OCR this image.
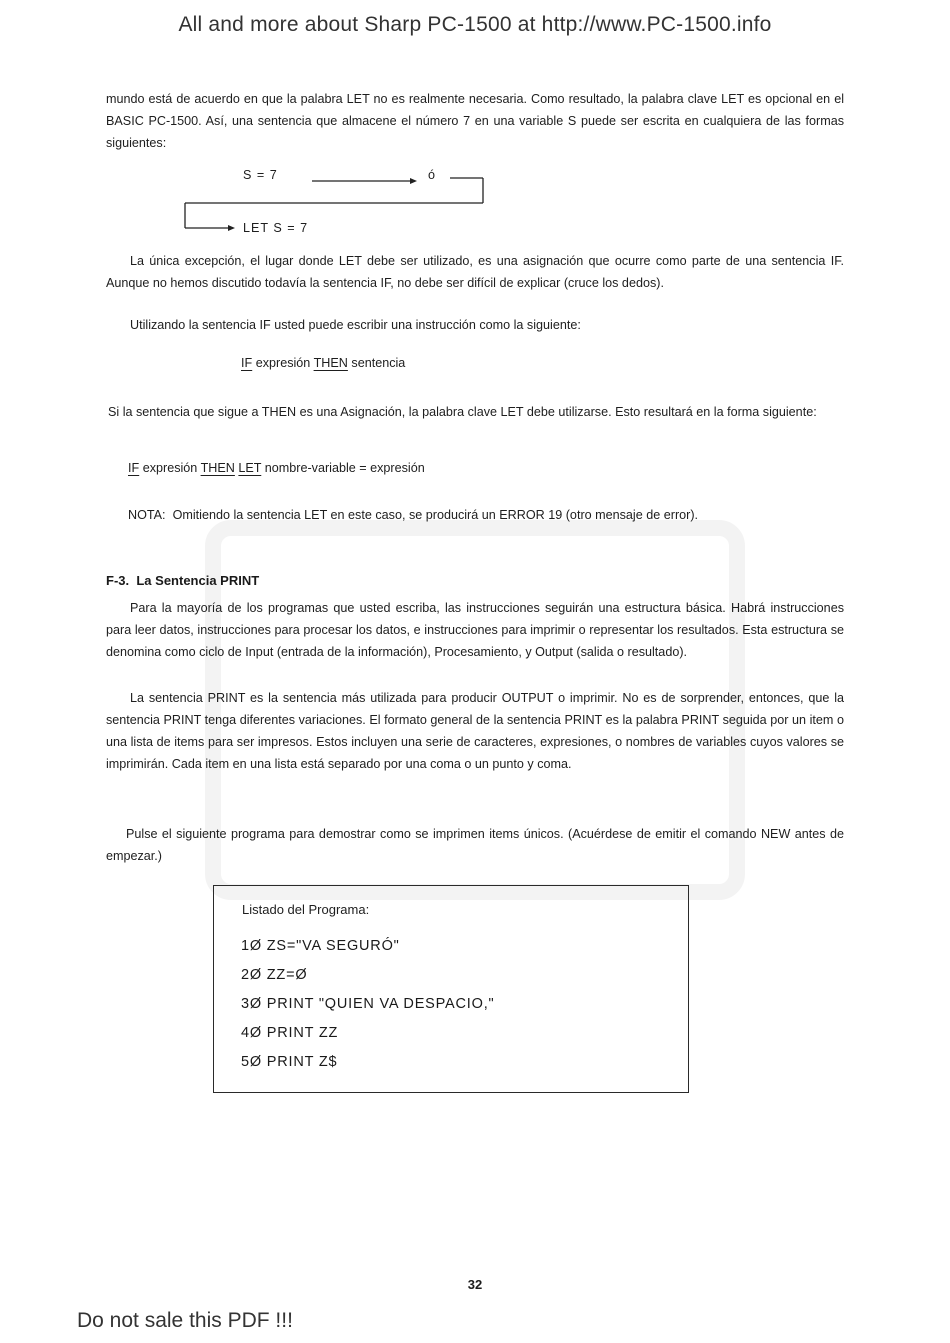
All and more about Sharp PC-1500 at http://www.PC-1500.info

mundo está de acuerdo en que la palabra LET no es realmente necesaria. Como resultado, la palabra clave LET es opcional en el BASIC PC-1500. Así, una sentencia que almacene el número 7 en una variable S puede ser escrita en cualquiera de las formas siguientes:

S = 7	ó
LET S = 7

La única excepción, el lugar donde LET debe ser utilizado, es una asignación que ocurre como parte de una sentencia IF. Aunque no hemos discutido todavía la sentencia IF, no debe ser difícil de explicar (cruce los dedos).

Utilizando la sentencia IF usted puede escribir una instrucción como la siguiente:
IF expresión THEN sentencia

Si la sentencia que sigue a THEN es una Asignación, la palabra clave LET debe utilizarse. Esto resultará en la forma siguiente:

IF expresión THEN LET nombre-variable = expresión

NOTA: Omitiendo la sentencia LET en este caso, se producirá un ERROR 19 (otro mensaje de error).

F-3. La Sentencia PRINT

Para la mayoría de los programas que usted escriba, las instrucciones seguirán una estructura básica. Habrá instrucciones para leer datos, instrucciones para procesar los datos, e instrucciones para imprimir o representar los resultados. Esta estructura se denomina como ciclo de Input (entrada de la información), Procesamiento, y Output (salida o resultado).

La sentencia PRINT es la sentencia más utilizada para producir OUTPUT o imprimir. No es de sorprender, entonces, que la sentencia PRINT tenga diferentes variaciones. El formato general de la sentencia PRINT es la palabra PRINT seguida por un item o una lista de items para ser impresos. Estos incluyen una serie de caracteres, expresiones, o nombres de variables cuyos valores se imprimirán. Cada item en una lista está separado por una coma o un punto y coma.

Pulse el siguiente programa para demostrar como se imprimen items únicos. (Acuérdese de emitir el comando NEW antes de empezar.)

Listado del Programa:
1Ø ZS="VA SEGURÓ"
2Ø ZZ=Ø
3Ø PRINT "QUIEN VA DESPACIO,"
4Ø PRINT ZZ
5Ø PRINT Z$
32
Do not sale this PDF !!!
